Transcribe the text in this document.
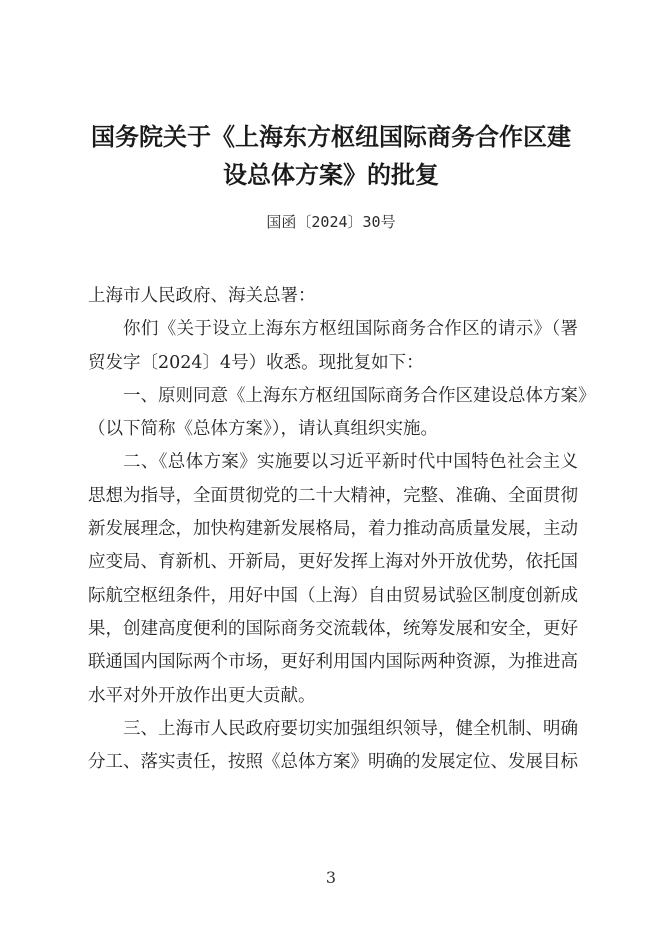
国务院关于《上海东方枢纽国际商务合作区建
设总体方案》的批复
国函〔2024〕30号
上海市人民政府、海关总署：
你们《关于设立上海东方枢纽国际商务合作区的请示》（署
贸发字〔2024〕4号）收悉。现批复如下：
一、原则同意《上海东方枢纽国际商务合作区建设总体方案》
（以下简称《总体方案》），请认真组织实施。
二、《总体方案》实施要以习近平新时代中国特色社会主义
思想为指导，全面贯彻党的二十大精神，完整、准确、全面贯彻
新发展理念，加快构建新发展格局，着力推动高质量发展，主动
应变局、育新机、开新局，更好发挥上海对外开放优势，依托国
际航空枢纽条件，用好中国（上海）自由贸易试验区制度创新成
果，创建高度便利的国际商务交流载体，统筹发展和安全，更好
联通国内国际两个市场，更好利用国内国际两种资源，为推进高
水平对外开放作出更大贡献。
三、上海市人民政府要切实加强组织领导，健全机制、明确
分工、落实责任，按照《总体方案》明确的发展定位、发展目标
3
